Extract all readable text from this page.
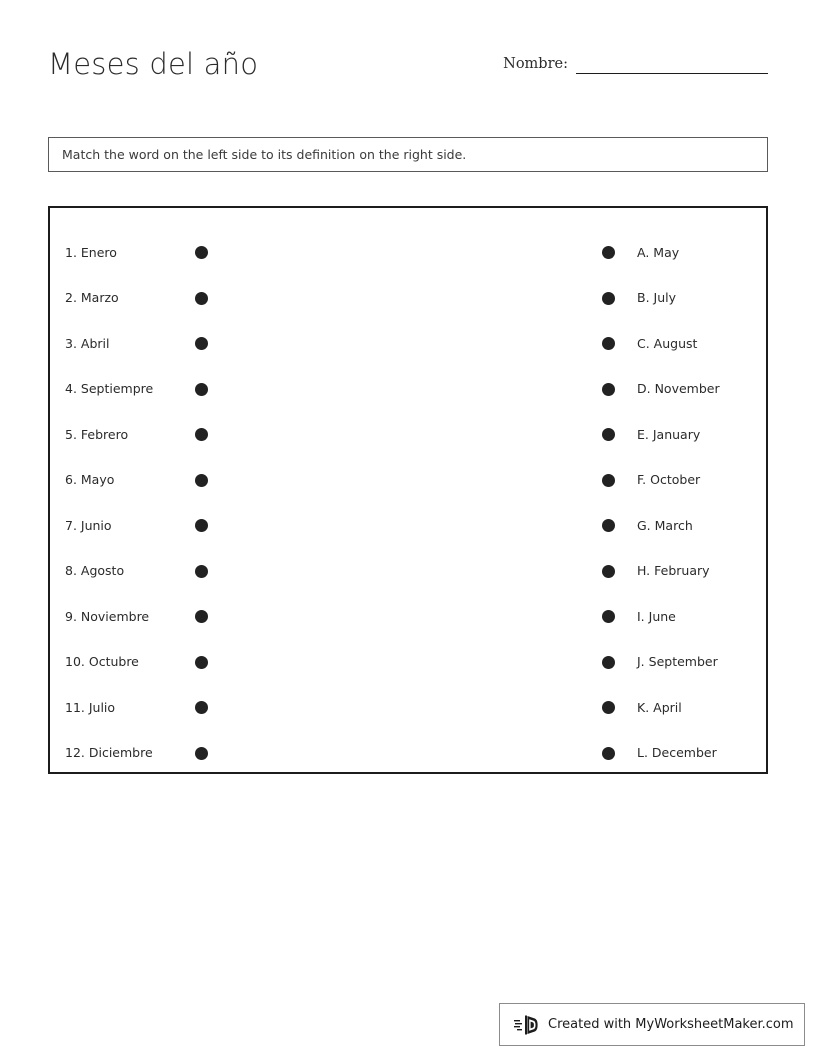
Meses del año	Nombre:
Match the word on the left side to its definition on the right side.
1. Enero
2. Marzo
3. Abril
4. Septiempre
5. Febrero
6. Mayo
7. Junio
8. Agosto
9. Noviembre
10. Octubre
11. Julio
12. Diciembre
A. May
B. July
C. August
D. November
E. January
F. October
G. March
H. February
I. June
J. September
K. April
L. December
Created with MyWorksheetMaker.com
